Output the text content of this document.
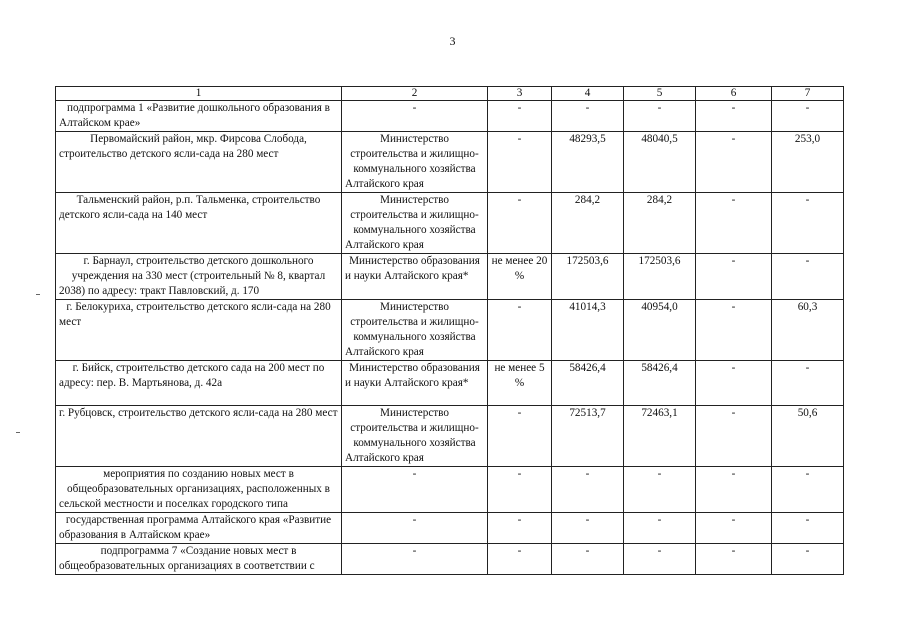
3
1	2	3	4	5	6	7
подпрограмма 1 «Развитие дошкольного образования в Алтайском крае»	-	-	-	-	-	-
Первомайский район, мкр. Фирсова Слобода, строительство детского ясли-сада на 280 мест	Министерство строительства и жилищно-коммунального хозяйства Алтайского края	-	48293,5	48040,5	-	253,0
Тальменский район, р.п. Тальменка, строительство детского ясли-сада на 140 мест	Министерство строительства и жилищно-коммунального хозяйства Алтайского края	-	284,2	284,2	-	-
г. Барнаул, строительство детского дошкольного учреждения на 330 мест (строительный № 8, квартал 2038) по адресу: тракт Павловский, д. 170	Министерство образования и науки Алтайского края*	не менее 20 %	172503,6	172503,6	-	-
г. Белокуриха, строительство детского ясли-сада на 280 мест	Министерство строительства и жилищно-коммунального хозяйства Алтайского края	-	41014,3	40954,0	-	60,3
г. Бийск, строительство детского сада на 200 мест по адресу: пер. В. Мартьянова, д. 42а	Министерство образования и науки Алтайского края*	не менее 5 %	58426,4	58426,4	-	-
г. Рубцовск, строительство детского ясли-сада на 280 мест	Министерство строительства и жилищно-коммунального хозяйства Алтайского края	-	72513,7	72463,1	-	50,6
мероприятия по созданию новых мест в общеобразовательных организациях, расположенных в сельской местности и поселках городского типа	-	-	-	-	-	-
государственная программа Алтайского края «Развитие образования в Алтайском крае»	-	-	-	-	-	-
подпрограмма 7 «Создание новых мест в общеобразовательных организациях в соответствии с	-	-	-	-	-	-
